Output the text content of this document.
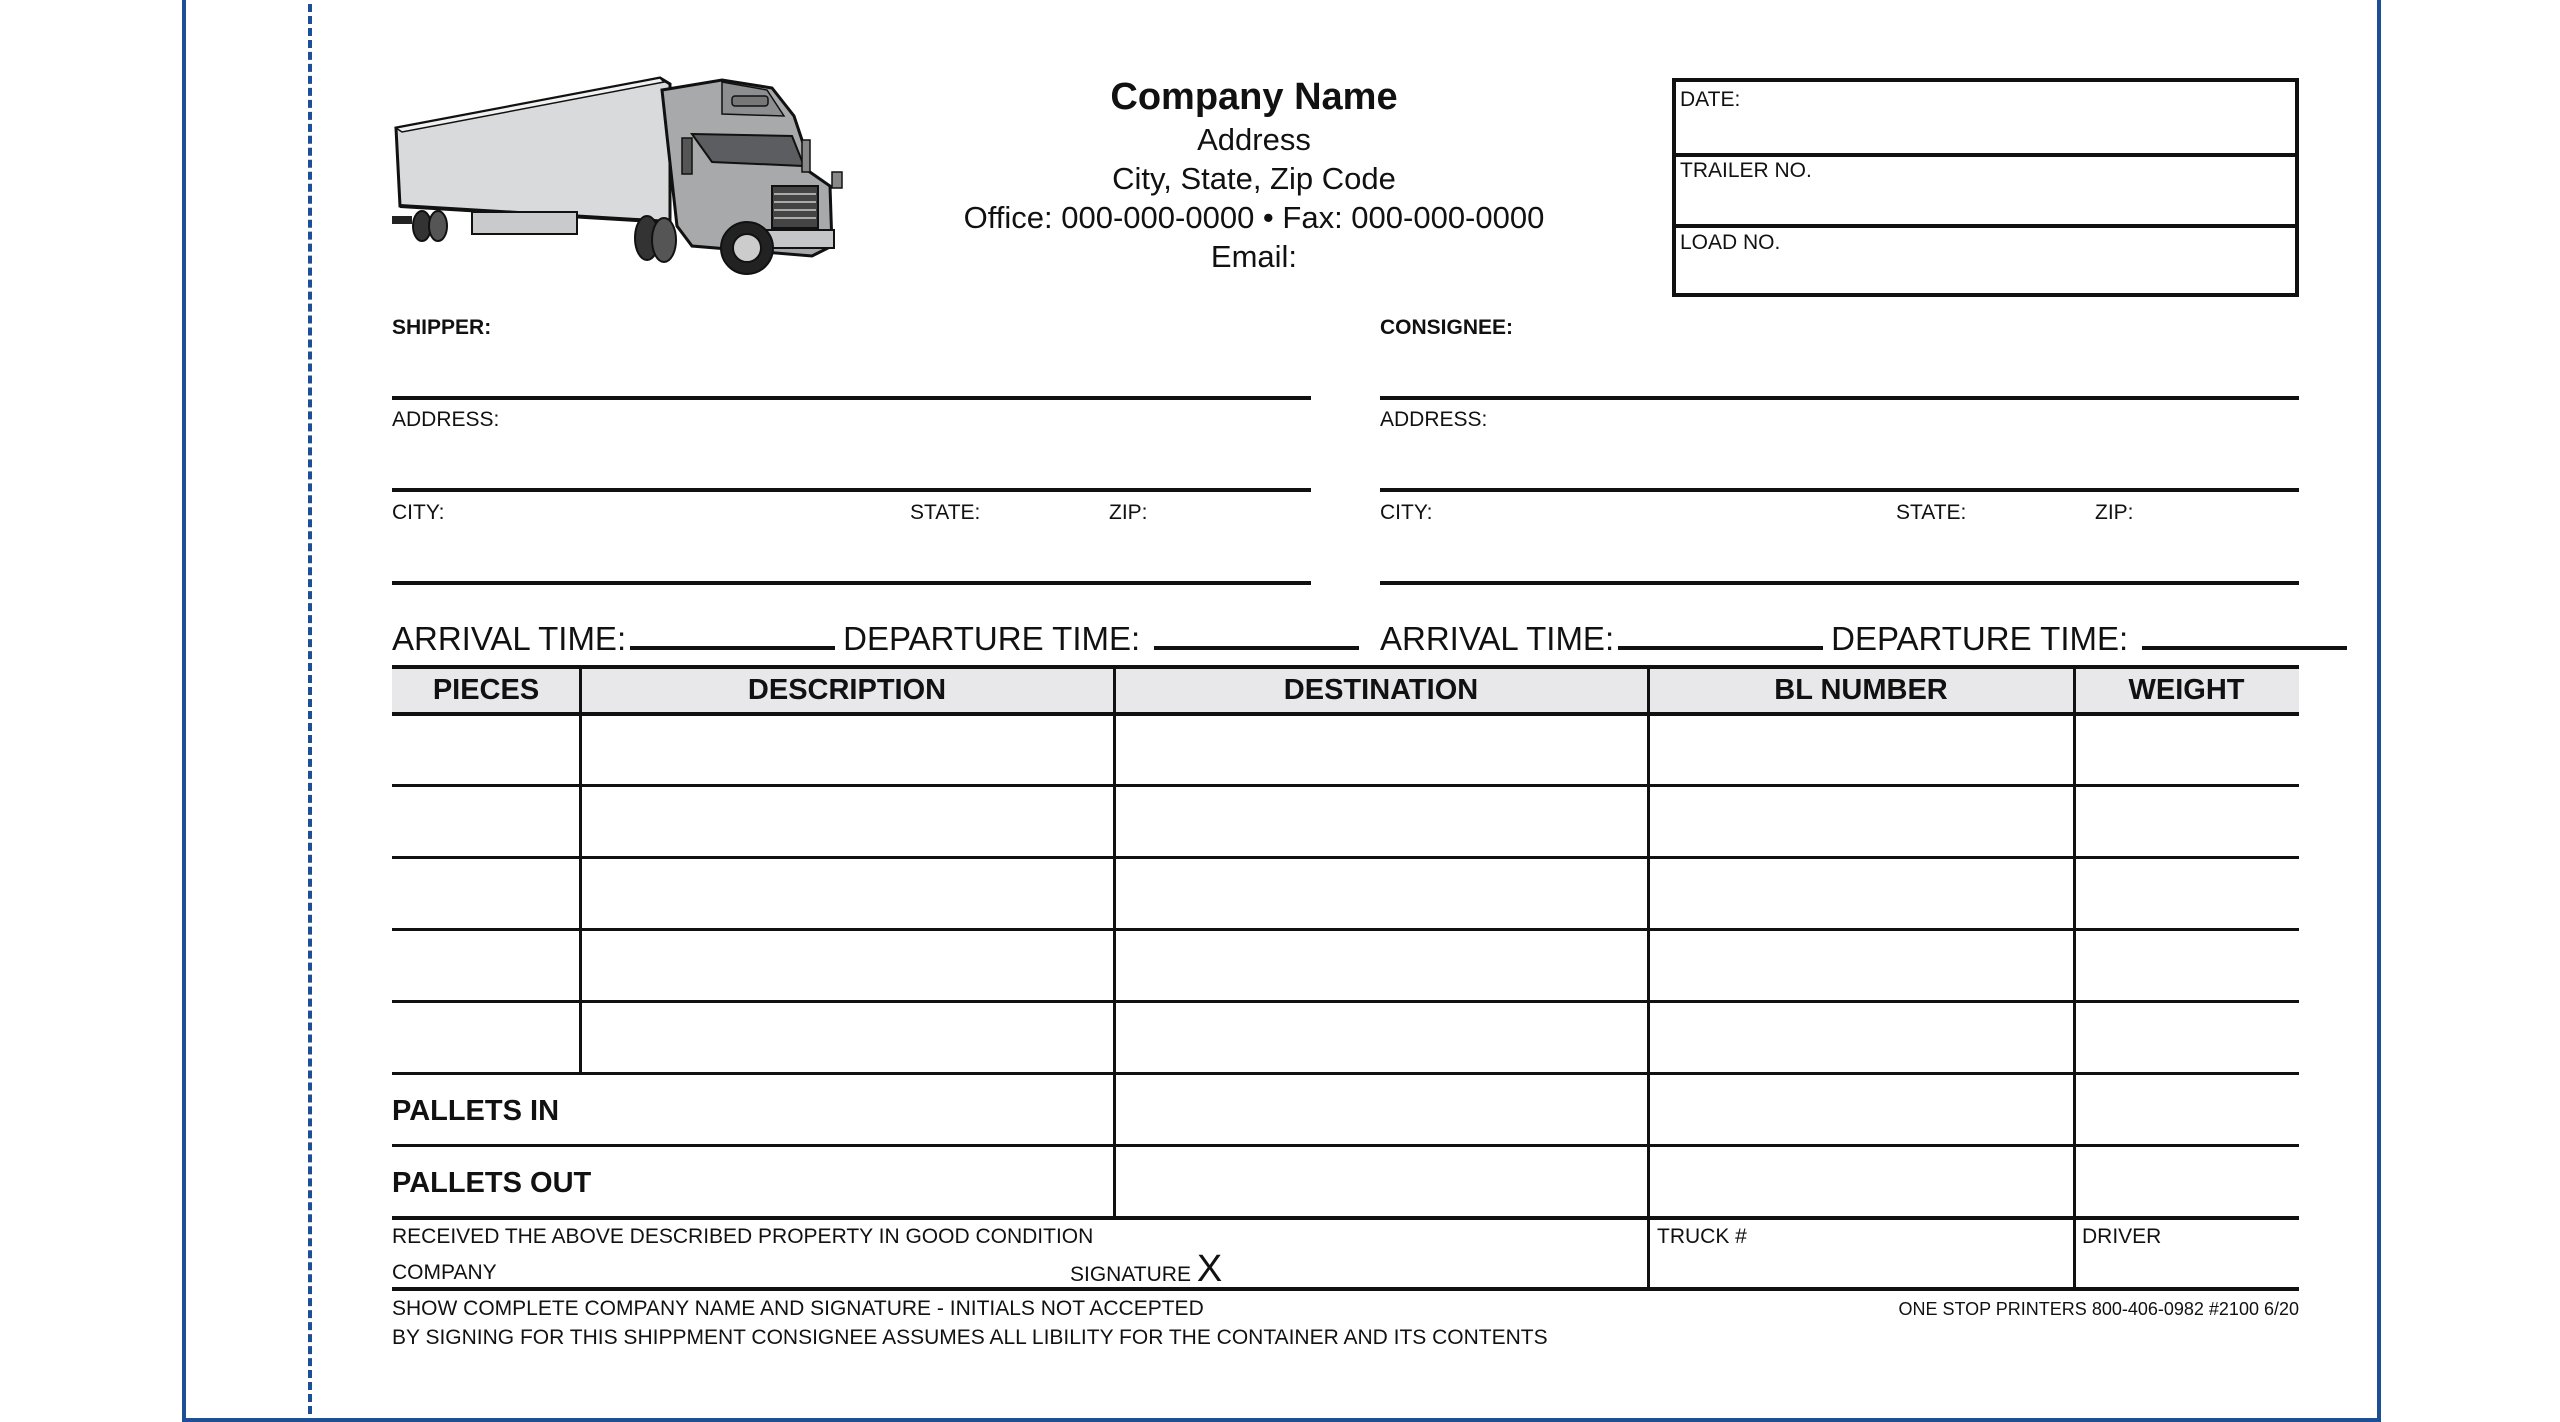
Company Name
Address
City, State, Zip Code
Office: 000-000-0000 • Fax: 000-000-0000
Email:
DATE:
TRAILER NO.
LOAD NO.
SHIPPER:
ADDRESS:
CITY:	STATE:	ZIP:
CONSIGNEE:
ADDRESS:
CITY:	STATE:	ZIP:
ARRIVAL TIME:	DEPARTURE TIME:	ARRIVAL TIME:	DEPARTURE TIME:
PIECES	DESCRIPTION	DESTINATION	BL NUMBER	WEIGHT
PALLETS IN
PALLETS OUT
RECEIVED THE ABOVE DESCRIBED PROPERTY IN GOOD CONDITION
COMPANY	SIGNATURE X
TRUCK #	DRIVER
SHOW COMPLETE COMPANY NAME AND SIGNATURE - INITIALS NOT ACCEPTED
BY SIGNING FOR THIS SHIPPMENT CONSIGNEE ASSUMES ALL LIBILITY FOR THE CONTAINER AND ITS CONTENTS
ONE STOP PRINTERS 800-406-0982 #2100 6/20
